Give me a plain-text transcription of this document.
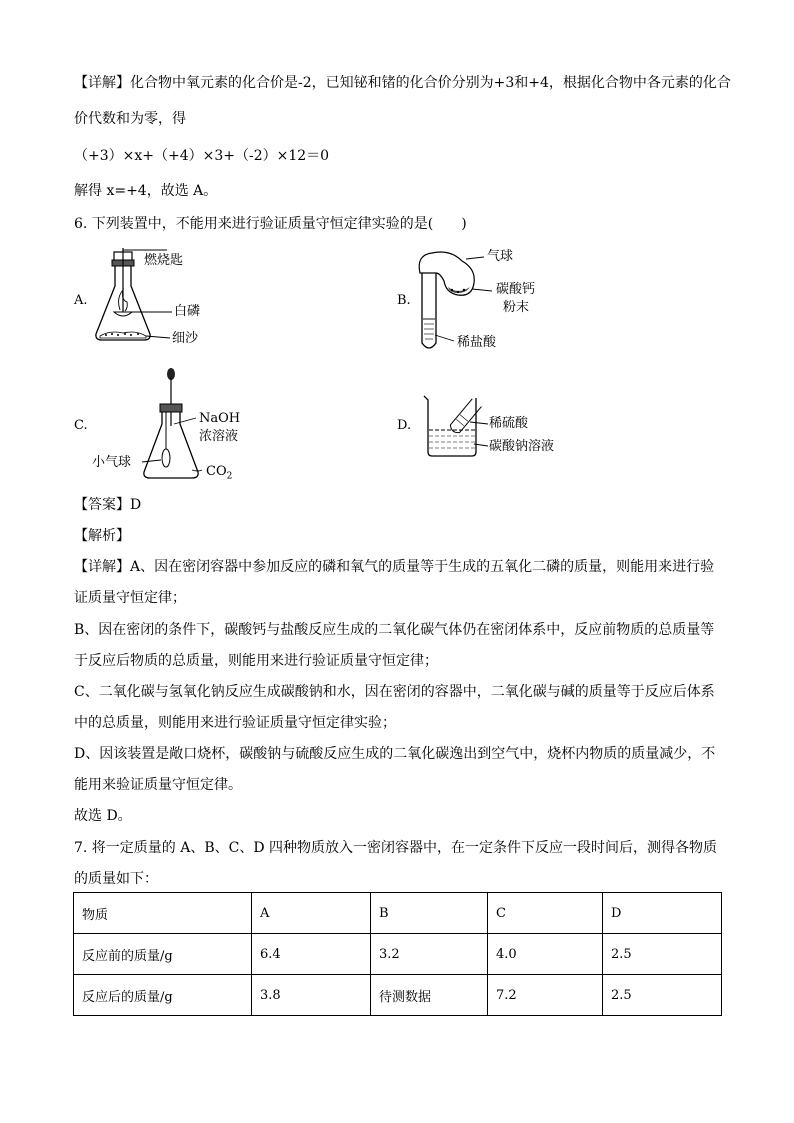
【详解】化合物中氧元素的化合价是-2，已知铋和锗的化合价分别为+3和+4，根据化合物中各元素的化合
价代数和为零，得
（+3）×x+（+4）×3+（-2）×12＝0
解得 x=+4，故选 A。
6. 下列装置中，不能用来进行验证质量守恒定律实验的是(　　)
A.
燃烧匙
白磷
细沙
B.
气球
碳酸钙
粉末
稀盐酸
C.	NaOH
浓溶液
小气球
$CO_2$
D.	稀硫酸
碳酸钠溶液
【答案】D
【解析】
【详解】A、因在密闭容器中参加反应的磷和氧气的质量等于生成的五氧化二磷的质量，则能用来进行验
证质量守恒定律；
B、因在密闭的条件下，碳酸钙与盐酸反应生成的二氧化碳气体仍在密闭体系中，反应前物质的总质量等
于反应后物质的总质量，则能用来进行验证质量守恒定律；
C、二氧化碳与氢氧化钠反应生成碳酸钠和水，因在密闭的容器中，二氧化碳与碱的质量等于反应后体系
中的总质量，则能用来进行验证质量守恒定律实验；
D、因该装置是敞口烧杯，碳酸钠与硫酸反应生成的二氧化碳逸出到空气中，烧杯内物质的质量减少，不
能用来验证质量守恒定律。
故选 D。
7. 将一定质量的 A、B、C、D 四种物质放入一密闭容器中，在一定条件下反应一段时间后，测得各物质
的质量如下：
物质	A	B	C	D
反应前的质量/g	6.4	3.2	4.0	2.5
反应后的质量/g	3.8	待测数据	7.2	2.5
